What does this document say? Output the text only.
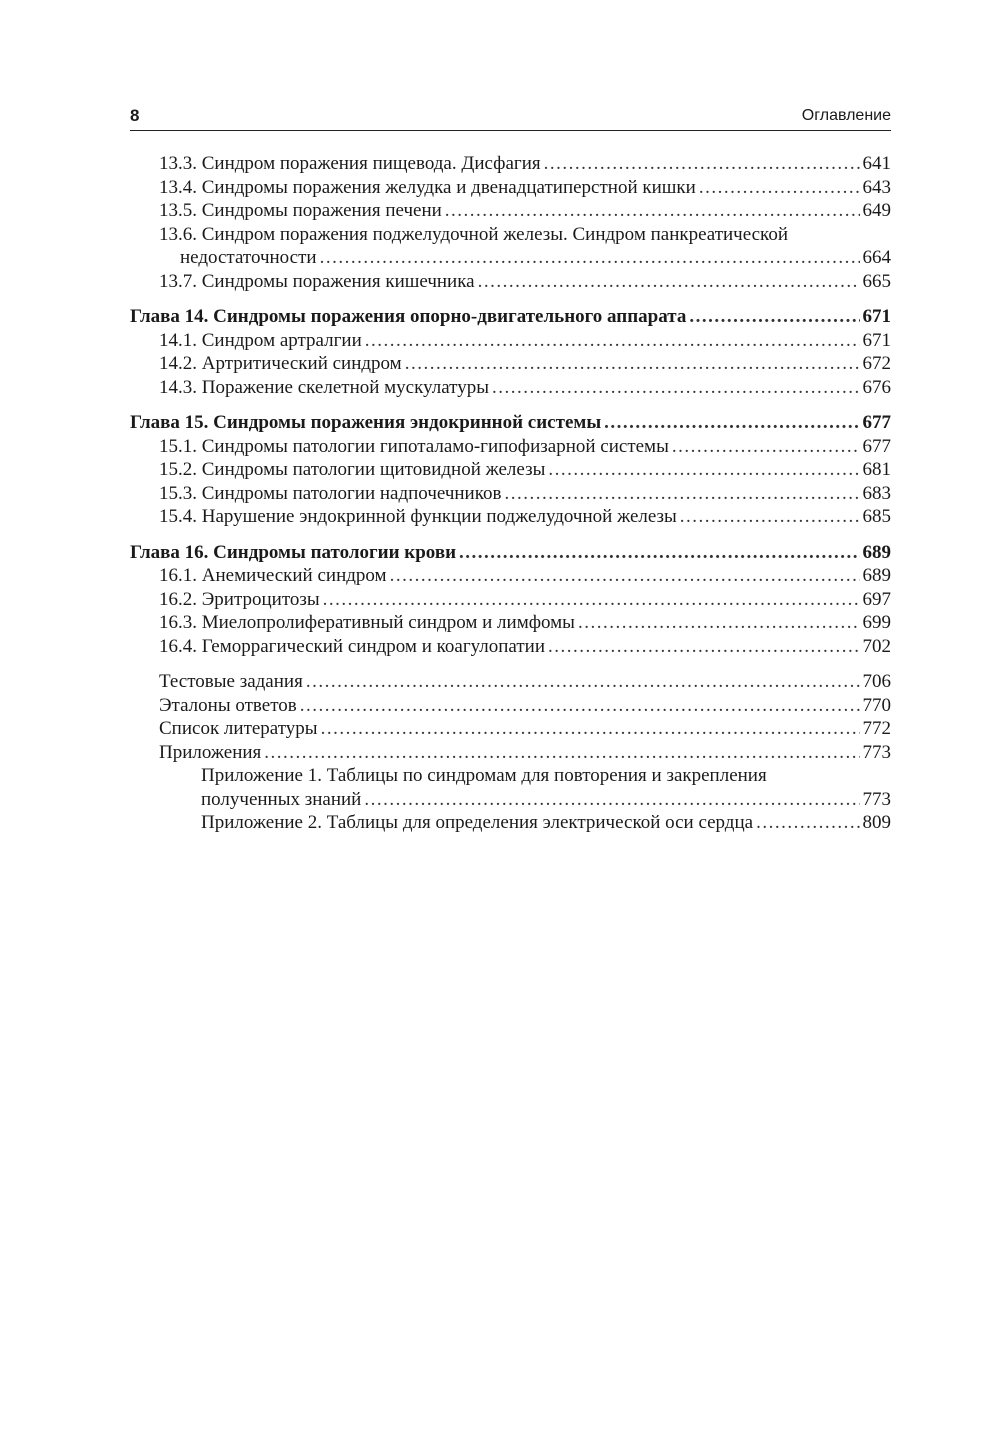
8	Оглавление
13.3. Синдром поражения пищевода. Дисфагия .....	641
13.4. Синдромы поражения желудка и двенадцатиперстной кишки .....	643
13.5. Синдромы поражения печени .....	649
13.6. Синдром поражения поджелудочной железы. Синдром панкреатической
недостаточности .....	664
13.7. Синдромы поражения кишечника .....	665
Глава 14. Синдромы поражения опорно-двигательного аппарата .....	671
14.1. Синдром артралгии .....	671
14.2. Артритический синдром .....	672
14.3. Поражение скелетной мускулатуры .....	676
Глава 15. Синдромы поражения эндокринной системы .....	677
15.1. Синдромы патологии гипоталамо-гипофизарной системы .....	677
15.2. Синдромы патологии щитовидной железы .....	681
15.3. Синдромы патологии надпочечников .....	683
15.4. Нарушение эндокринной функции поджелудочной железы .....	685
Глава 16. Синдромы патологии крови .....	689
16.1. Анемический синдром .....	689
16.2. Эритроцитозы .....	697
16.3. Миелопролиферативный синдром и лимфомы .....	699
16.4. Геморрагический синдром и коагулопатии .....	702
Тестовые задания .....	706
Эталоны ответов .....	770
Список литературы .....	772
Приложения .....	773
Приложение 1. Таблицы по синдромам для повторения и закрепления
полученных знаний .....	773
Приложение 2. Таблицы для определения электрической оси сердца .....	809
